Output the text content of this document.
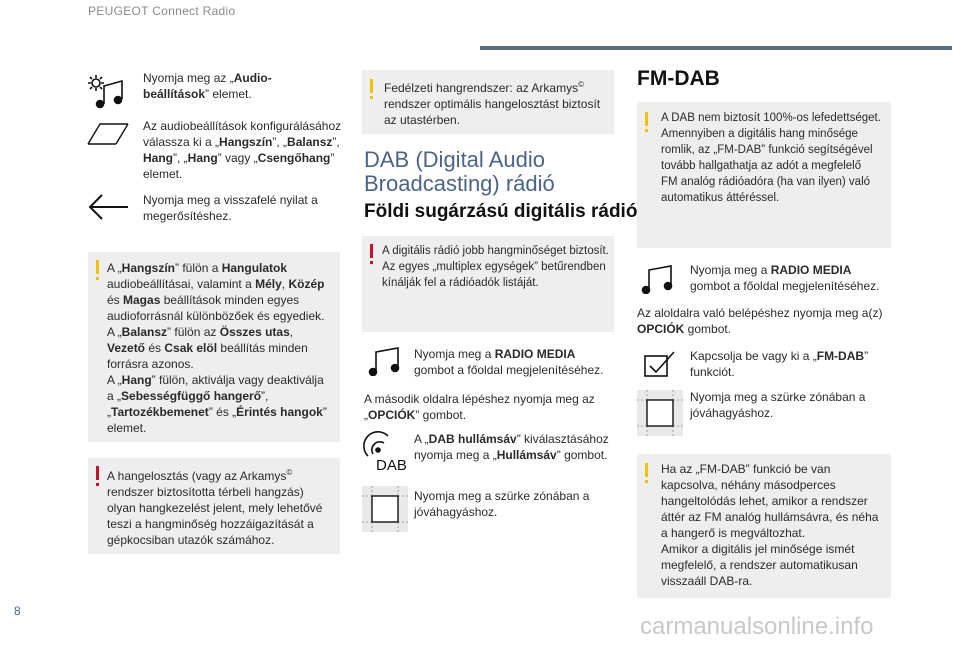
PEUGEOT Connect Radio
Nyomja meg az „Audio-
beállítások” elemet.
Az audiobeállítások konfigurálásához
válassza ki a „Hangszín”, „Balansz”,
Hang”, „Hang” vagy „Csengőhang”
elemet.
Nyomja meg a visszafelé nyilat a
megerősítéshez.
A „Hangszín” fülön a Hangulatok
audiobeállításai, valamint a Mély, Közép
és Magas beállítások minden egyes
audioforrásnál különbözőek és egyediek.
A „Balansz” fülön az Összes utas,
Vezető és Csak elöl beállítás minden
forrásra azonos.
A „Hang” fülön, aktiválja vagy deaktiválja
a „Sebességfüggő hangerő”,
„Tartozékbemenet” és „Érintés hangok”
elemet.
A hangelosztás (vagy az Arkamys©
rendszer biztosította térbeli hangzás)
olyan hangkezelést jelent, mely lehetővé
teszi a hangminőség hozzáigazítását a
gépkocsiban utazók számához.
Fedélzeti hangrendszer: az Arkamys©
rendszer optimális hangelosztást biztosít
az utastérben.
DAB (Digital Audio
Broadcasting) rádió
Földi sugárzású digitális rádió
A digitális rádió jobb hangminőséget biztosít.
Az egyes „multiplex egységek” betűrendben
kínálják fel a rádióadók listáját.
Nyomja meg a RADIO MEDIA
gombot a főoldal megjelenítéséhez.
A második oldalra lépéshez nyomja meg az
„OPCIÓK” gombot.
DAB
A „DAB hullámsáv” kiválasztásához
nyomja meg a „Hullámsáv” gombot.
Nyomja meg a szürke zónában a
jóváhagyáshoz.
FM-DAB
A DAB nem biztosít 100%-os lefedettséget.
Amennyiben a digitális hang minősége
romlik, az „FM-DAB” funkció segítségével
tovább hallgathatja az adót a megfelelő
FM analóg rádióadóra (ha van ilyen) való
automatikus áttéréssel.
Nyomja meg a RADIO MEDIA
gombot a főoldal megjelenítéséhez.
Az aloldalra való belépéshez nyomja meg a(z)
OPCIÓK gombot.
Kapcsolja be vagy ki a „FM-DAB”
funkciót.
Nyomja meg a szürke zónában a
jóváhagyáshoz.
Ha az „FM-DAB” funkció be van
kapcsolva, néhány másodperces
hangeltolódás lehet, amikor a rendszer
áttér az FM analóg hullámsávra, és néha
a hangerő is megváltozhat.
Amikor a digitális jel minősége ismét
megfelelő, a rendszer automatikusan
visszaáll DAB-ra.
8
carmanualsonline.info
